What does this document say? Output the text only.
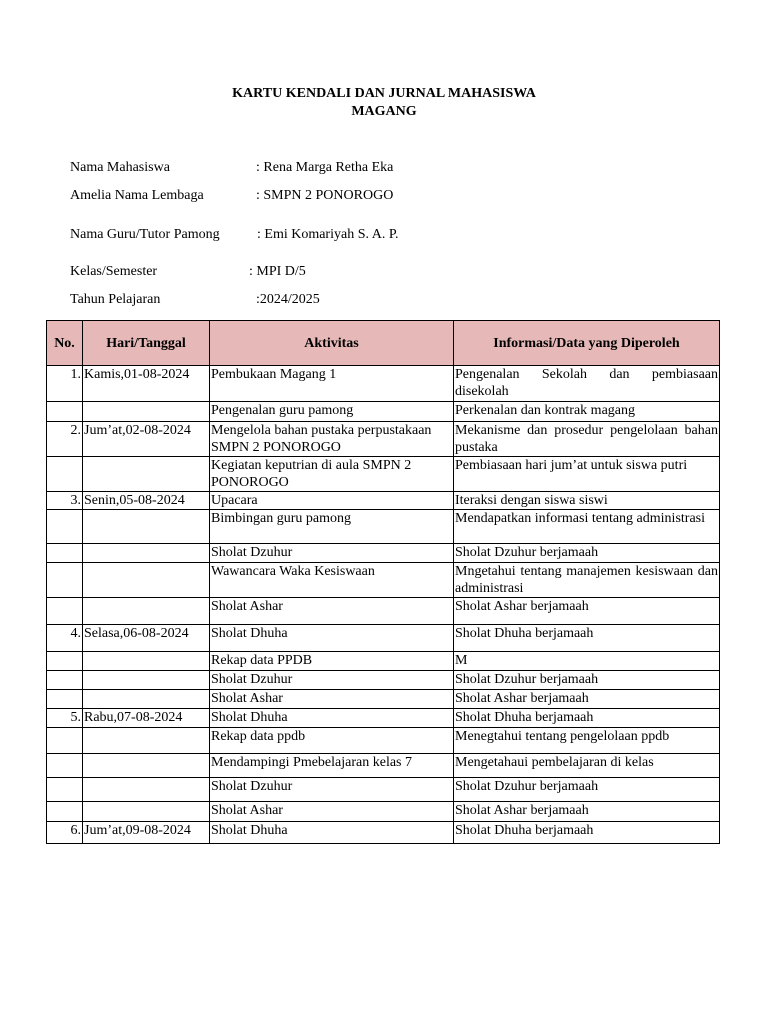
KARTU KENDALI DAN JURNAL MAHASISWA
MAGANG
Nama Mahasiswa	: Rena Marga Retha Eka
Amelia Nama Lembaga	: SMPN 2 PONOROGO
Nama Guru/Tutor Pamong	: Emi Komariyah S. A. P.
Kelas/Semester	: MPI D/5
Tahun Pelajaran	:2024/2025
No.	Hari/Tanggal	Aktivitas	Informasi/Data yang Diperoleh
1.	Kamis,01-08-2024	Pembukaan Magang 1	Pengenalan Sekolah dan pembiasaan disekolah
		Pengenalan guru pamong	Perkenalan dan kontrak magang
2.	Jum’at,02-08-2024	Mengelola bahan pustaka perpustakaan SMPN 2 PONOROGO	Mekanisme dan prosedur pengelolaan bahan pustaka
		Kegiatan keputrian di aula SMPN 2 PONOROGO	Pembiasaan hari jum’at untuk siswa putri
3.	Senin,05-08-2024	Upacara	Iteraksi dengan siswa siswi
		Bimbingan guru pamong	Mendapatkan informasi tentang administrasi
		Sholat Dzuhur	Sholat Dzuhur berjamaah
		Wawancara Waka Kesiswaan	Mngetahui tentang manajemen kesiswaan dan administrasi
		Sholat Ashar	Sholat Ashar berjamaah
4.	Selasa,06-08-2024	Sholat Dhuha	Sholat Dhuha berjamaah
		Rekap data PPDB	M
		Sholat Dzuhur	Sholat Dzuhur berjamaah
		Sholat Ashar	Sholat Ashar berjamaah
5.	Rabu,07-08-2024	Sholat Dhuha	Sholat Dhuha berjamaah
		Rekap data ppdb	Menegtahui tentang pengelolaan ppdb
		Mendampingi Pmebelajaran kelas 7	Mengetahaui pembelajaran di kelas
		Sholat Dzuhur	Sholat Dzuhur berjamaah
		Sholat Ashar	Sholat Ashar berjamaah
6.	Jum’at,09-08-2024	Sholat Dhuha	Sholat Dhuha berjamaah
